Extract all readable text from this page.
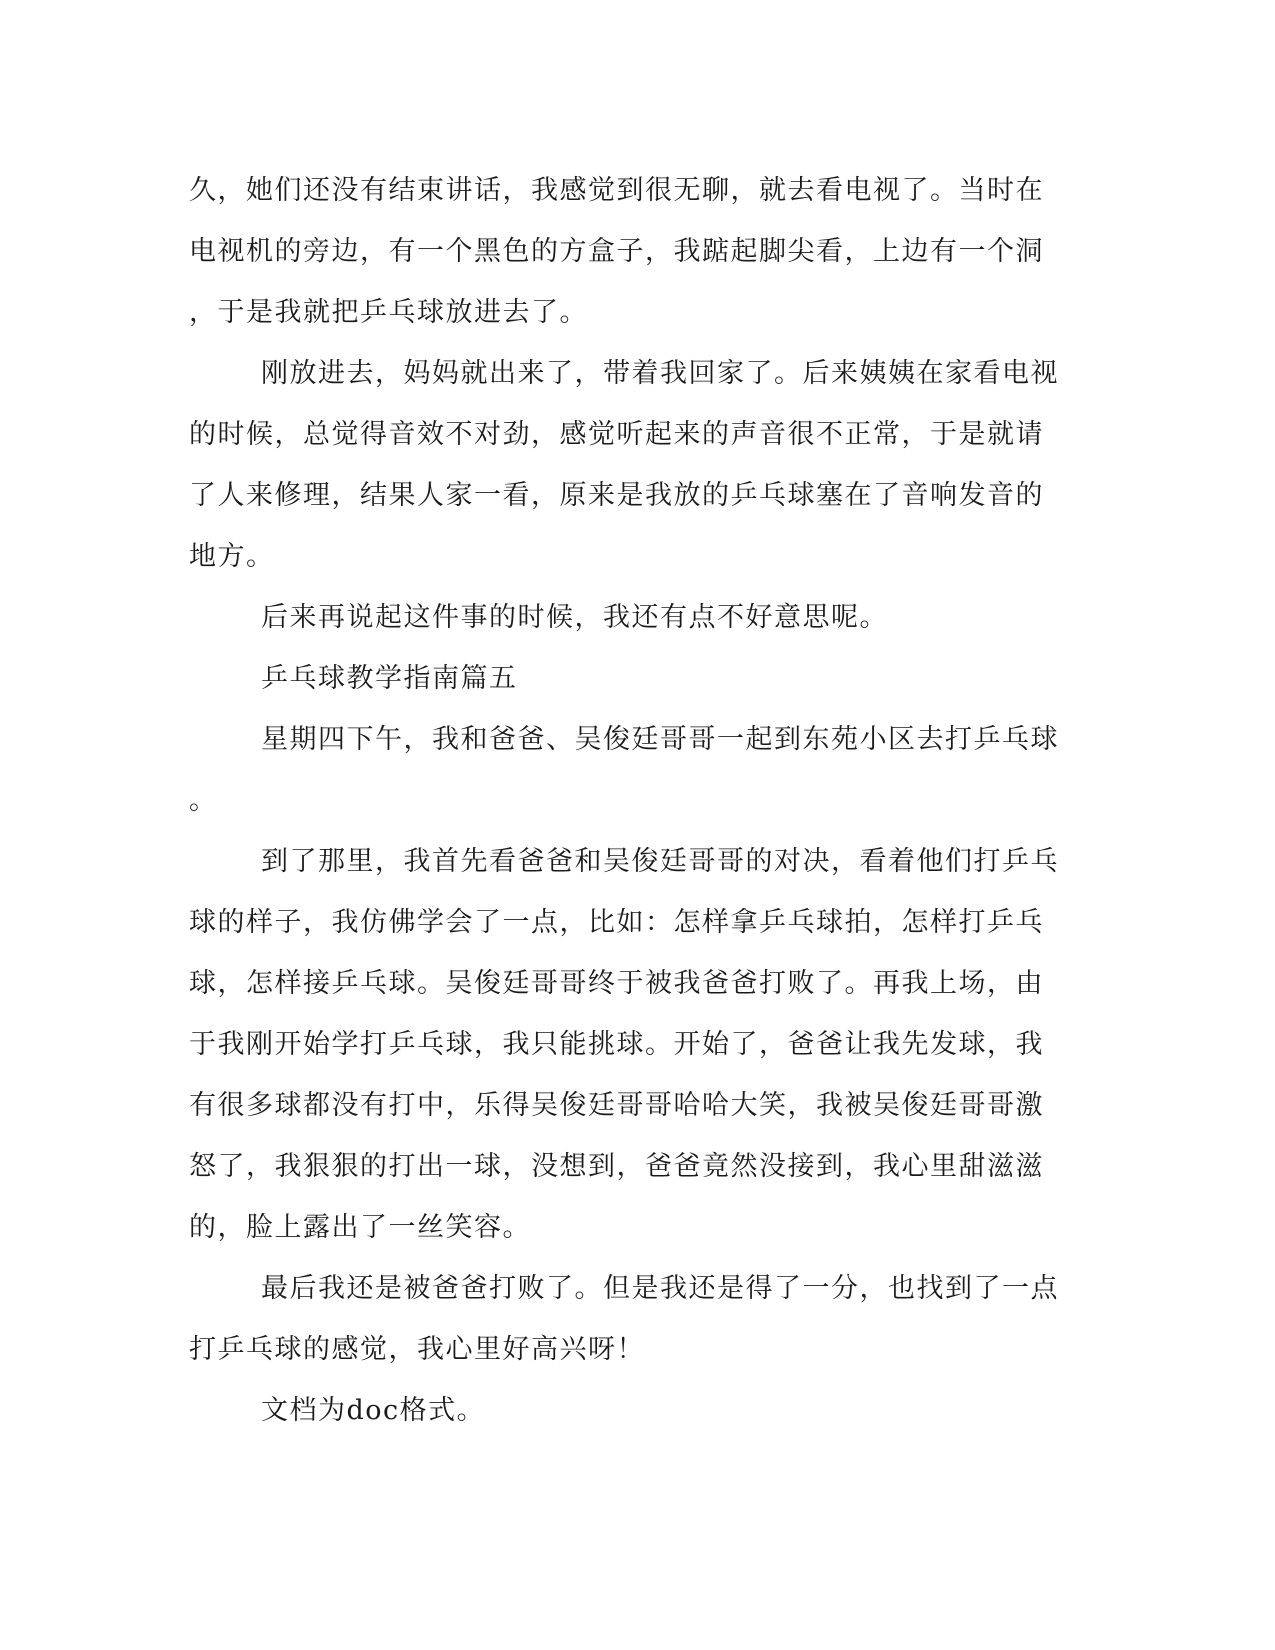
久，她们还没有结束讲话，我感觉到很无聊，就去看电视了。当时在
电视机的旁边，有一个黑色的方盒子，我踮起脚尖看，上边有一个洞
，于是我就把乒乓球放进去了。
刚放进去，妈妈就出来了，带着我回家了。后来姨姨在家看电视
的时候，总觉得音效不对劲，感觉听起来的声音很不正常，于是就请
了人来修理，结果人家一看，原来是我放的乒乓球塞在了音响发音的
地方。
后来再说起这件事的时候，我还有点不好意思呢。
乒乓球教学指南篇五
星期四下午，我和爸爸、吴俊廷哥哥一起到东苑小区去打乒乓球
。
到了那里，我首先看爸爸和吴俊廷哥哥的对决，看着他们打乒乓
球的样子，我仿佛学会了一点，比如：怎样拿乒乓球拍，怎样打乒乓
球，怎样接乒乓球。吴俊廷哥哥终于被我爸爸打败了。再我上场，由
于我刚开始学打乒乓球，我只能挑球。开始了，爸爸让我先发球，我
有很多球都没有打中，乐得吴俊廷哥哥哈哈大笑，我被吴俊廷哥哥激
怒了，我狠狠的打出一球，没想到，爸爸竟然没接到，我心里甜滋滋
的，脸上露出了一丝笑容。
最后我还是被爸爸打败了。但是我还是得了一分，也找到了一点
打乒乓球的感觉，我心里好高兴呀！
文档为doc格式。
